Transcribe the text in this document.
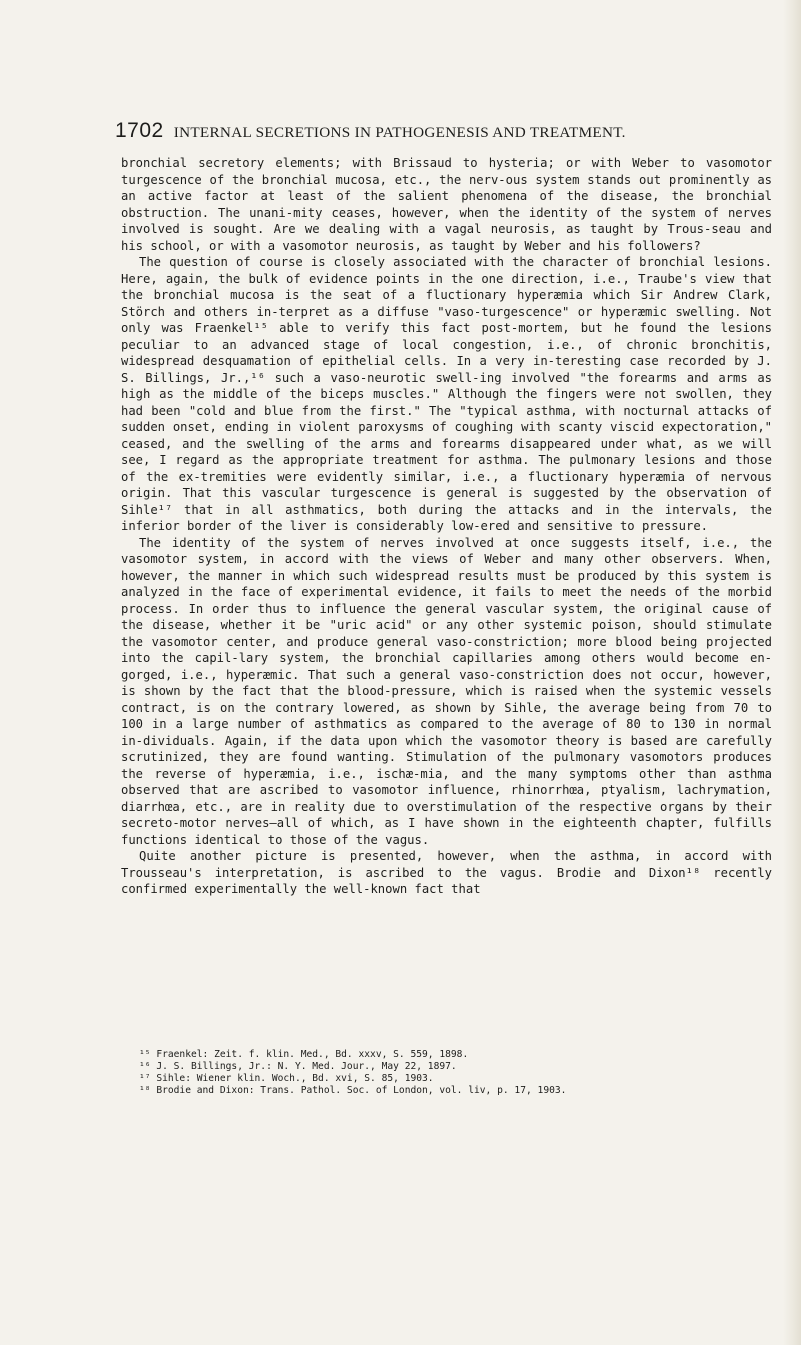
1702 INTERNAL SECRETIONS IN PATHOGENESIS AND TREATMENT.

bronchial secretory elements; with Brissaud to hysteria; or with Weber to vasomotor turgescence of the bronchial mucosa, etc., the nerv-ous system stands out prominently as an active factor at least of the salient phenomena of the disease, the bronchial obstruction. The unani-mity ceases, however, when the identity of the system of nerves involved is sought. Are we dealing with a vagal neurosis, as taught by Trous-seau and his school, or with a vasomotor neurosis, as taught by Weber and his followers?

The question of course is closely associated with the character of bronchial lesions. Here, again, the bulk of evidence points in the one direction, i.e., Traube's view that the bronchial mucosa is the seat of a fluctionary hyperæmia which Sir Andrew Clark, Störch and others in-terpret as a diffuse "vaso-turgescence" or hyperæmic swelling. Not only was Fraenkel¹⁵ able to verify this fact post-mortem, but he found the lesions peculiar to an advanced stage of local congestion, i.e., of chronic bronchitis, widespread desquamation of epithelial cells. In a very in-teresting case recorded by J. S. Billings, Jr.,¹⁶ such a vaso-neurotic swell-ing involved "the forearms and arms as high as the middle of the biceps muscles." Although the fingers were not swollen, they had been "cold and blue from the first." The "typical asthma, with nocturnal attacks of sudden onset, ending in violent paroxysms of coughing with scanty viscid expectoration," ceased, and the swelling of the arms and forearms disappeared under what, as we will see, I regard as the appropriate treatment for asthma. The pulmonary lesions and those of the ex-tremities were evidently similar, i.e., a fluctionary hyperæmia of nervous origin. That this vascular turgescence is general is suggested by the observation of Sihle¹⁷ that in all asthmatics, both during the attacks and in the intervals, the inferior border of the liver is considerably low-ered and sensitive to pressure.

The identity of the system of nerves involved at once suggests itself, i.e., the vasomotor system, in accord with the views of Weber and many other observers. When, however, the manner in which such widespread results must be produced by this system is analyzed in the face of experimental evidence, it fails to meet the needs of the morbid process. In order thus to influence the general vascular system, the original cause of the disease, whether it be "uric acid" or any other systemic poison, should stimulate the vasomotor center, and produce general vaso-constriction; more blood being projected into the capil-lary system, the bronchial capillaries among others would become en-gorged, i.e., hyperæmic. That such a general vaso-constriction does not occur, however, is shown by the fact that the blood-pressure, which is raised when the systemic vessels contract, is on the contrary lowered, as shown by Sihle, the average being from 70 to 100 in a large number of asthmatics as compared to the average of 80 to 130 in normal in-dividuals. Again, if the data upon which the vasomotor theory is based are carefully scrutinized, they are found wanting. Stimulation of the pulmonary vasomotors produces the reverse of hyperæmia, i.e., ischæ-mia, and the many symptoms other than asthma observed that are ascribed to vasomotor influence, rhinorrhœa, ptyalism, lachrymation, diarrhœa, etc., are in reality due to overstimulation of the respective organs by their secreto-motor nerves—all of which, as I have shown in the eighteenth chapter, fulfills functions identical to those of the vagus.

Quite another picture is presented, however, when the asthma, in accord with Trousseau's interpretation, is ascribed to the vagus. Brodie and Dixon¹⁸ recently confirmed experimentally the well-known fact that

¹⁵ Fraenkel: Zeit. f. klin. Med., Bd. xxxv, S. 559, 1898.

¹⁶ J. S. Billings, Jr.: N. Y. Med. Jour., May 22, 1897.

¹⁷ Sihle: Wiener klin. Woch., Bd. xvi, S. 85, 1903.

¹⁸ Brodie and Dixon: Trans. Pathol. Soc. of London, vol. liv, p. 17, 1903.
